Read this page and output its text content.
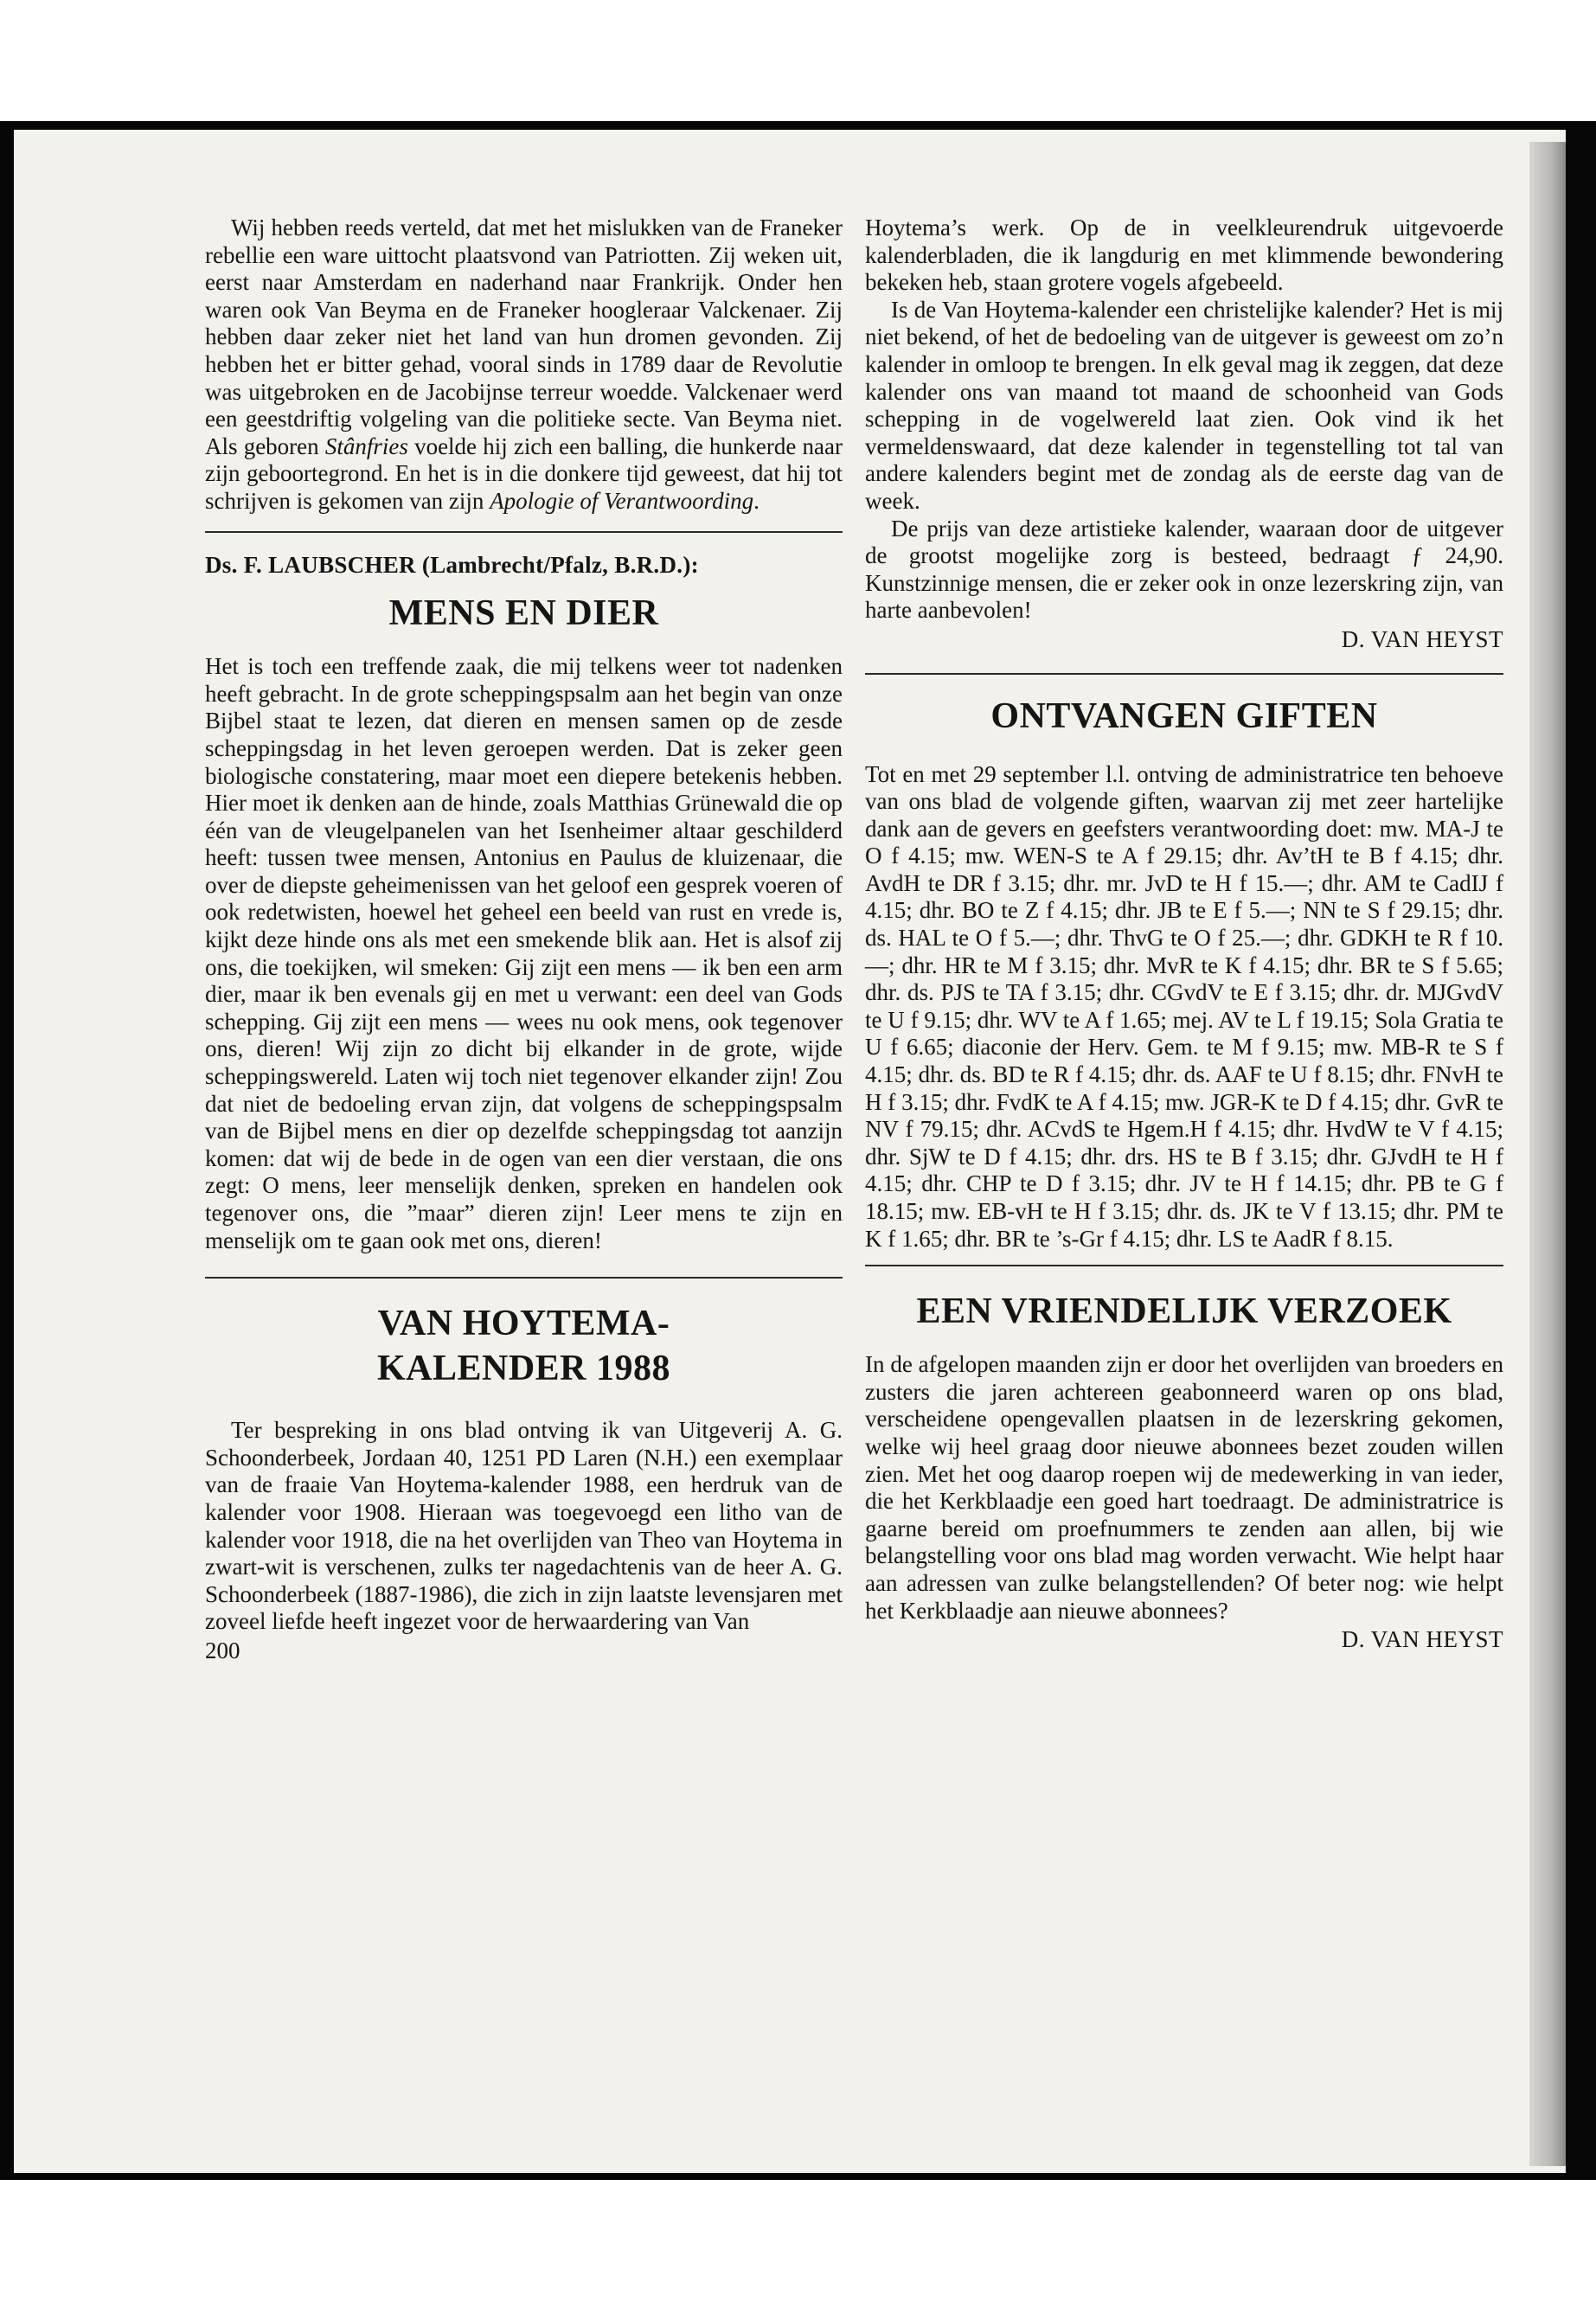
Wij hebben reeds verteld, dat met het mislukken van de Franeker rebellie een ware uittocht plaatsvond van Patriotten. Zij weken uit, eerst naar Amsterdam en naderhand naar Frankrijk. Onder hen waren ook Van Beyma en de Franeker hoogleraar Valckenaer. Zij hebben daar zeker niet het land van hun dromen gevonden. Zij hebben het er bitter gehad, vooral sinds in 1789 daar de Revolutie was uitgebroken en de Jacobijnse terreur woedde. Valckenaer werd een geestdriftig volgeling van die politieke secte. Van Beyma niet. Als geboren Stânfries voelde hij zich een balling, die hunkerde naar zijn geboortegrond. En het is in die donkere tijd geweest, dat hij tot schrijven is gekomen van zijn Apologie of Verantwoording.

Ds. F. LAUBSCHER (Lambrecht/Pfalz, B.R.D.):
MENS EN DIER

Het is toch een treffende zaak, die mij telkens weer tot nadenken heeft gebracht. In de grote scheppingspsalm aan het begin van onze Bijbel staat te lezen, dat dieren en mensen samen op de zesde scheppingsdag in het leven geroepen werden. Dat is zeker geen biologische constatering, maar moet een diepere betekenis hebben. Hier moet ik denken aan de hinde, zoals Matthias Grünewald die op één van de vleugelpanelen van het Isenheimer altaar geschilderd heeft: tussen twee mensen, Antonius en Paulus de kluizenaar, die over de diepste geheimenissen van het geloof een gesprek voeren of ook redetwisten, hoewel het geheel een beeld van rust en vrede is, kijkt deze hinde ons als met een smekende blik aan. Het is alsof zij ons, die toekijken, wil smeken: Gij zijt een mens — ik ben een arm dier, maar ik ben evenals gij en met u verwant: een deel van Gods schepping. Gij zijt een mens — wees nu ook mens, ook tegenover ons, dieren! Wij zijn zo dicht bij elkander in de grote, wijde scheppingswereld. Laten wij toch niet tegenover elkander zijn! Zou dat niet de bedoeling ervan zijn, dat volgens de scheppingspsalm van de Bijbel mens en dier op dezelfde scheppingsdag tot aanzijn komen: dat wij de bede in de ogen van een dier verstaan, die ons zegt: O mens, leer menselijk denken, spreken en handelen ook tegenover ons, die ”maar” dieren zijn! Leer mens te zijn en menselijk om te gaan ook met ons, dieren!

VAN HOYTEMA-
KALENDER 1988

Ter bespreking in ons blad ontving ik van Uitgeverij A. G. Schoonderbeek, Jordaan 40, 1251 PD Laren (N.H.) een exemplaar van de fraaie Van Hoytema-kalender 1988, een herdruk van de kalender voor 1908. Hieraan was toegevoegd een litho van de kalender voor 1918, die na het overlijden van Theo van Hoytema in zwart-wit is verschenen, zulks ter nagedachtenis van de heer A. G. Schoonderbeek (1887-1986), die zich in zijn laatste levensjaren met zoveel liefde heeft ingezet voor de herwaardering van Van

200

Hoytema’s werk. Op de in veelkleurendruk uitgevoerde kalenderbladen, die ik langdurig en met klimmende bewondering bekeken heb, staan grotere vogels afgebeeld.

Is de Van Hoytema-kalender een christelijke kalender? Het is mij niet bekend, of het de bedoeling van de uitgever is geweest om zo’n kalender in omloop te brengen. In elk geval mag ik zeggen, dat deze kalender ons van maand tot maand de schoonheid van Gods schepping in de vogelwereld laat zien. Ook vind ik het vermeldenswaard, dat deze kalender in tegenstelling tot tal van andere kalenders begint met de zondag als de eerste dag van de week.

De prijs van deze artistieke kalender, waaraan door de uitgever de grootst mogelijke zorg is besteed, bedraagt ƒ 24,90. Kunstzinnige mensen, die er zeker ook in onze lezerskring zijn, van harte aanbevolen!

D. VAN HEYST
ONTVANGEN GIFTEN

Tot en met 29 september l.l. ontving de administratrice ten behoeve van ons blad de volgende giften, waarvan zij met zeer hartelijke dank aan de gevers en geefsters verantwoording doet: mw. MA-J te O f 4.15; mw. WEN-S te A f 29.15; dhr. Av’tH te B f 4.15; dhr. AvdH te DR f 3.15; dhr. mr. JvD te H f 15.—; dhr. AM te CadIJ f 4.15; dhr. BO te Z f 4.15; dhr. JB te E f 5.—; NN te S f 29.15; dhr. ds. HAL te O f 5.—; dhr. ThvG te O f 25.—; dhr. GDKH te R f 10.—; dhr. HR te M f 3.15; dhr. MvR te K f 4.15; dhr. BR te S f 5.65; dhr. ds. PJS te TA f 3.15; dhr. CGvdV te E f 3.15; dhr. dr. MJGvdV te U f 9.15; dhr. WV te A f 1.65; mej. AV te L f 19.15; Sola Gratia te U f 6.65; diaconie der Herv. Gem. te M f 9.15; mw. MB-R te S f 4.15; dhr. ds. BD te R f 4.15; dhr. ds. AAF te U f 8.15; dhr. FNvH te H f 3.15; dhr. FvdK te A f 4.15; mw. JGR-K te D f 4.15; dhr. GvR te NV f 79.15; dhr. ACvdS te Hgem.H f 4.15; dhr. HvdW te V f 4.15; dhr. SjW te D f 4.15; dhr. drs. HS te B f 3.15; dhr. GJvdH te H f 4.15; dhr. CHP te D f 3.15; dhr. JV te H f 14.15; dhr. PB te G f 18.15; mw. EB-vH te H f 3.15; dhr. ds. JK te V f 13.15; dhr. PM te K f 1.65; dhr. BR te ’s-Gr f 4.15; dhr. LS te AadR f 8.15.

EEN VRIENDELIJK VERZOEK

In de afgelopen maanden zijn er door het overlijden van broeders en zusters die jaren achtereen geabonneerd waren op ons blad, verscheidene opengevallen plaatsen in de lezerskring gekomen, welke wij heel graag door nieuwe abonnees bezet zouden willen zien. Met het oog daarop roepen wij de medewerking in van ieder, die het Kerkblaadje een goed hart toedraagt. De administratrice is gaarne bereid om proefnummers te zenden aan allen, bij wie belangstelling voor ons blad mag worden verwacht. Wie helpt haar aan adressen van zulke belangstellenden? Of beter nog: wie helpt het Kerkblaadje aan nieuwe abonnees?

D. VAN HEYST
